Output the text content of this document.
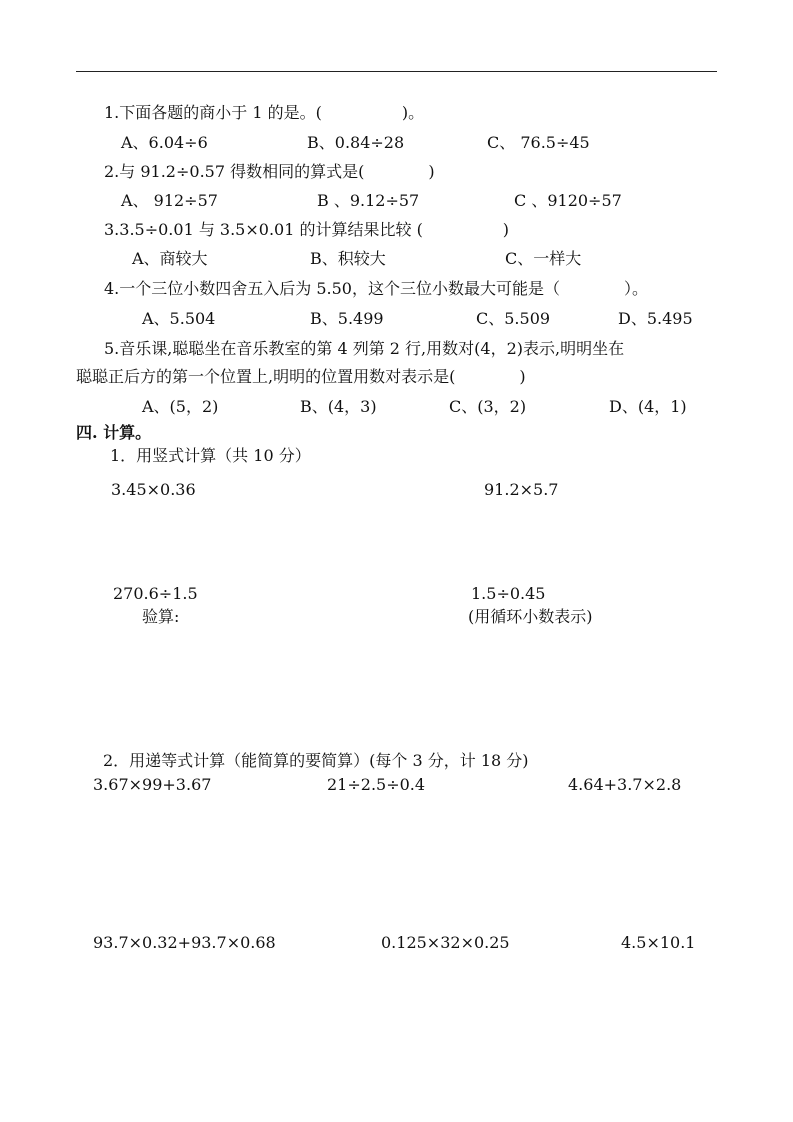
1.下面各题的商小于 1 的是。(　　　　　)。
A、6.04÷6	B、0.84÷28	C、 76.5÷45
2.与 91.2÷0.57 得数相同的算式是(　　　　)
A、 912÷57	B 、9.12÷57	C 、9120÷57
3.3.5÷0.01 与 3.5×0.01 的计算结果比较 (　　　　　)
A、商较大	B、积较大	C、一样大
4.一个三位小数四舍五入后为 5.50，这个三位小数最大可能是（　　　　）。
A、5.504	B、5.499	C、5.509	D、5.495
5.音乐课,聪聪坐在音乐教室的第 4 列第 2 行,用数对(4，2)表示,明明坐在
聪聪正后方的第一个位置上,明明的位置用数对表示是(　　　　)
A、(5，2)	B、(4，3)	C、(3，2)	D、(4，1)
四. 计算。
1．用竖式计算（共 10 分）
3.45×0.36	91.2×5.7
270.6÷1.5	1.5÷0.45
验算:	(用循环小数表示)
2．用递等式计算（能简算的要简算）(每个 3 分，计 18 分)
3.67×99+3.67	21÷2.5÷0.4	4.64+3.7×2.8
93.7×0.32+93.7×0.68	0.125×32×0.25	4.5×10.1
